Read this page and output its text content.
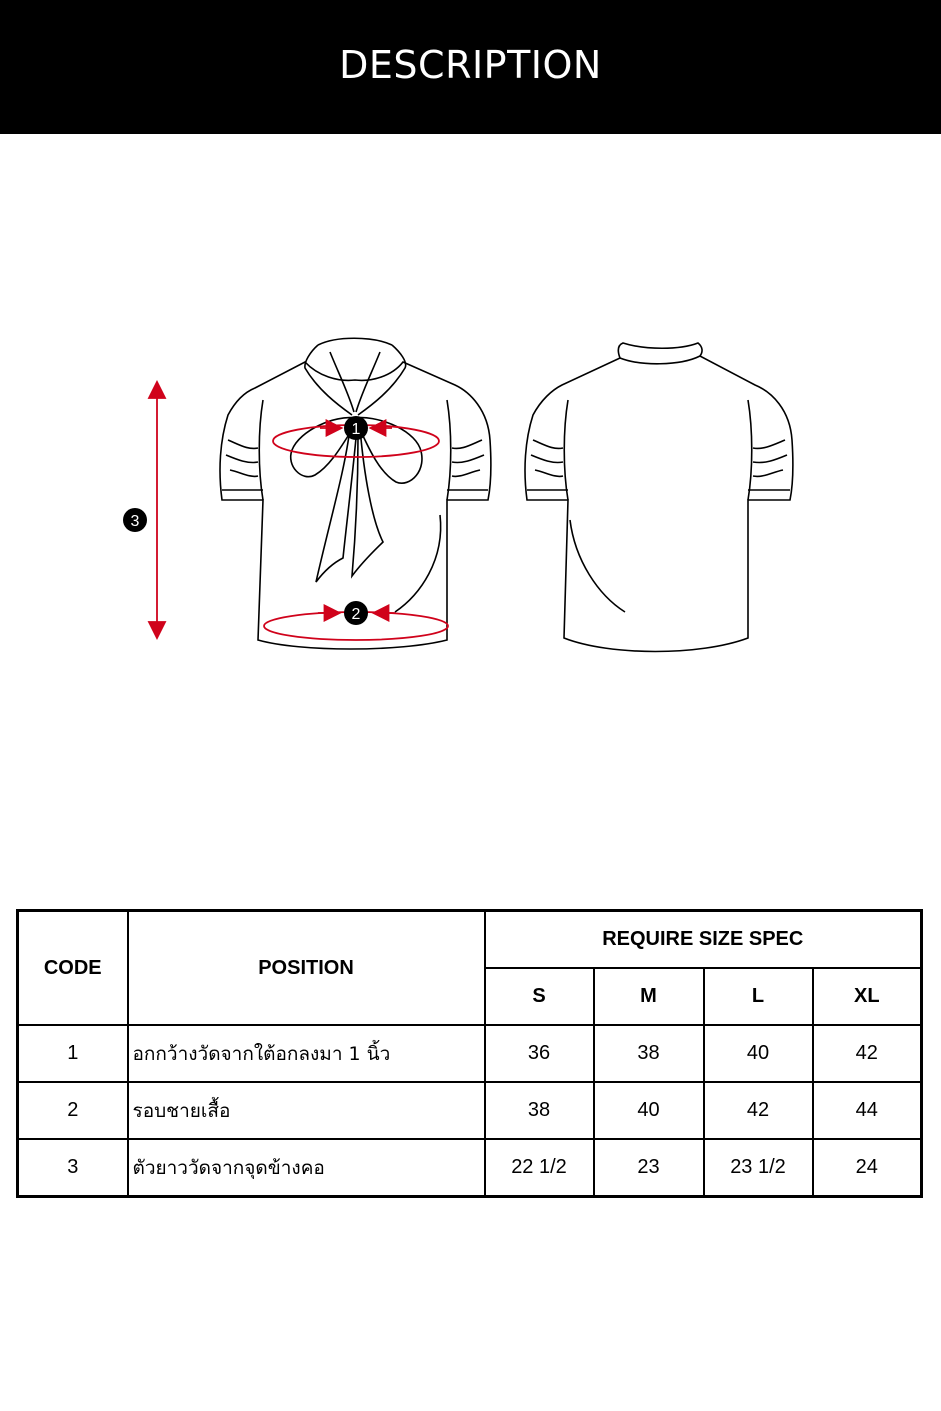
DESCRIPTION
1
2
3
CODE	POSITION	REQUIRE SIZE SPEC			
		S	M	L	XL
1	อกกว้างวัดจากใต้อกลงมา 1 นิ้ว	36	38	40	42
2	รอบชายเสื้อ	38	40	42	44
3	ตัวยาววัดจากจุดข้างคอ	22 1/2	23	23 1/2	24
